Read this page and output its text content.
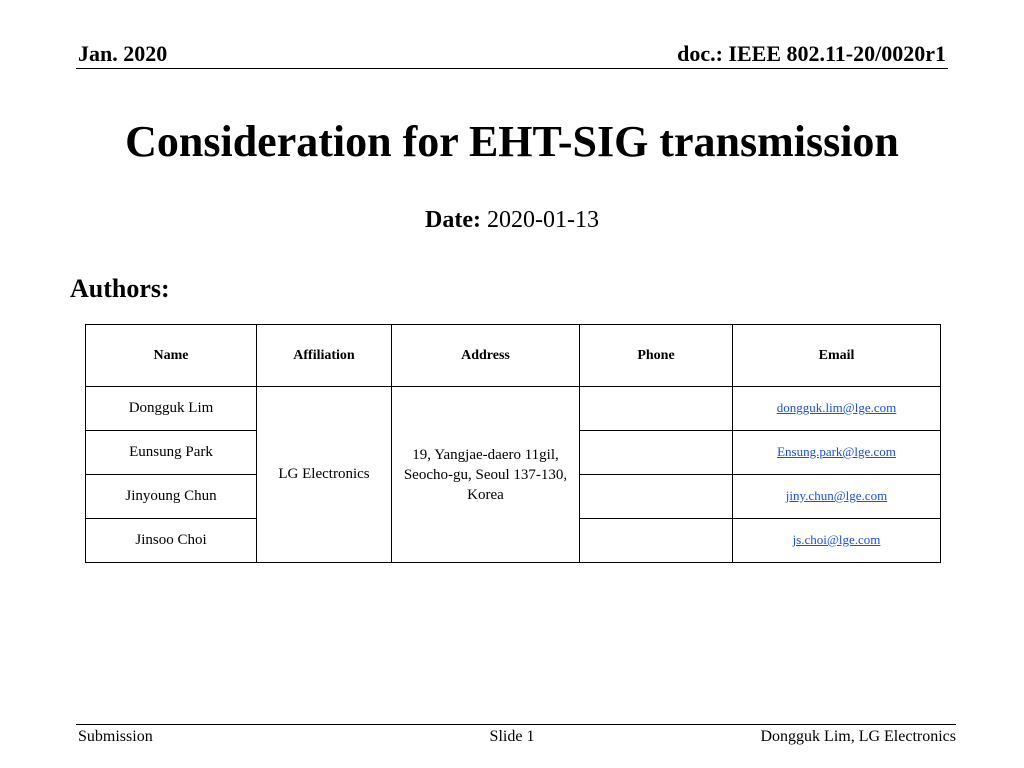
Jan. 2020	doc.: IEEE 802.11-20/0020r1
Consideration for EHT-SIG transmission
Date: 2020-01-13
Authors:
Name	Affiliation	Address	Phone	Email
Dongguk Lim	LG Electronics	19, Yangjae-daero 11gil, Seocho-gu, Seoul 137-130, Korea		dongguk.lim@lge.com
Eunsung Park				Ensung.park@lge.com
Jinyoung Chun				jiny.chun@lge.com
Jinsoo Choi				js.choi@lge.com
Submission	Slide 1	Dongguk Lim, LG Electronics
